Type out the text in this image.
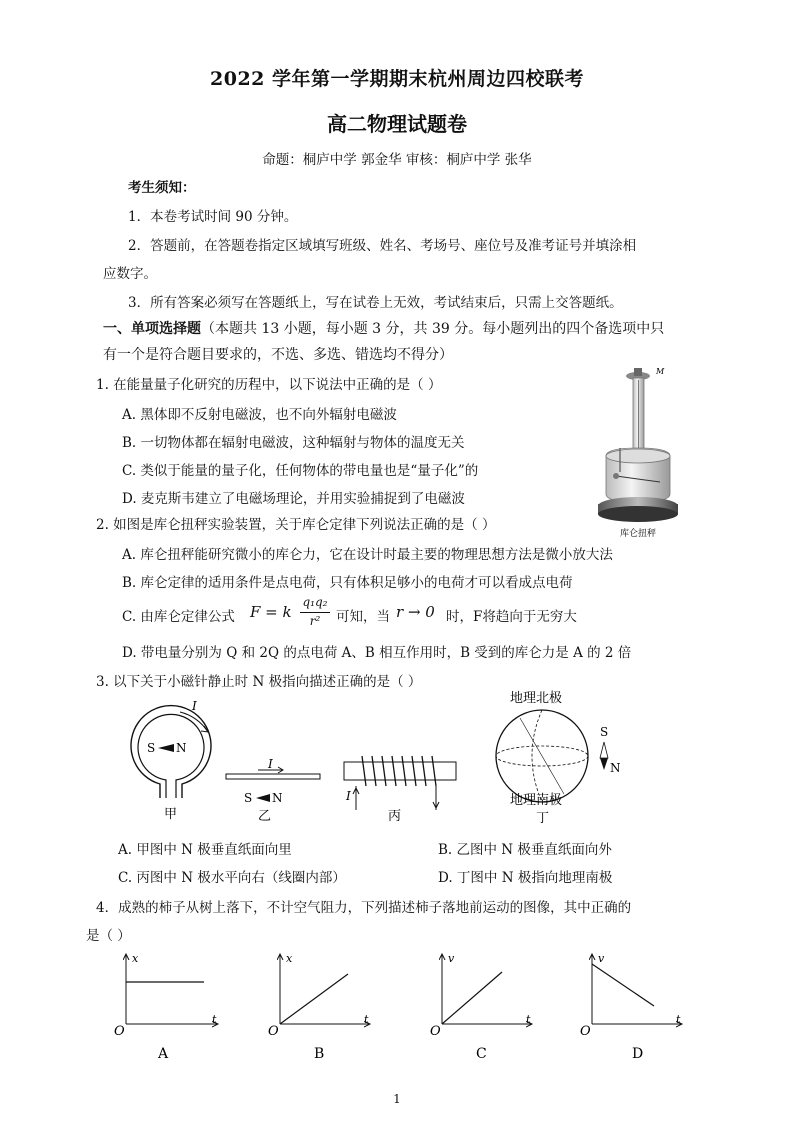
2022 学年第一学期期末杭州周边四校联考
高二物理试题卷
命题：桐庐中学 郭金华 审核：桐庐中学 张华
考生须知：
1．本卷考试时间 90 分钟。
2．答题前，在答题卷指定区域填写班级、姓名、考场号、座位号及准考证号并填涂相
应数字。
3．所有答案必须写在答题纸上，写在试卷上无效，考试结束后，只需上交答题纸。
一、单项选择题（本题共 13 小题，每小题 3 分，共 39 分。每小题列出的四个备选项中只
有一个是符合题目要求的，不选、多选、错选均不得分）
1. 在能量量子化研究的历程中，以下说法中正确的是（ ）
A. 黑体即不反射电磁波，也不向外辐射电磁波
B. 一切物体都在辐射电磁波，这种辐射与物体的温度无关
C. 类似于能量的量子化，任何物体的带电量也是“量子化”的
D. 麦克斯韦建立了电磁场理论，并用实验捕捉到了电磁波
M
库仑扭秤
2. 如图是库仑扭秤实验装置，关于库仑定律下列说法正确的是（ ）
A. 库仑扭秤能研究微小的库仑力，它在设计时最主要的物理思想方法是微小放大法
B. 库仑定律的适用条件是点电荷，只有体积足够小的电荷才可以看成点电荷
C. 由库仑定律公式 F = k
q₁q₂
r²	可知，当 r → 0 时，F将趋向于无穷大
D. 带电量分别为 Q 和 2Q 的点电荷 A、B 相互作用时，B 受到的库仑力是 A 的 2 倍
3. 以下关于小磁针静止时 N 极指向描述正确的是（ ）
I
S N
甲
I
S N
乙
I
丙
地理北极
地理南极
丁
S
N
A. 甲图中 N 极垂直纸面向里	B. 乙图中 N 极垂直纸面向外
C. 丙图中 N 极水平向右（线圈内部）	D. 丁图中 N 极指向地理南极
4．成熟的柿子从树上落下，不计空气阻力，下列描述柿子落地前运动的图像，其中正确的
是（ ）
x
t
O
A
x
t
O
B
v
t
O
C
v
t
O
D
1
